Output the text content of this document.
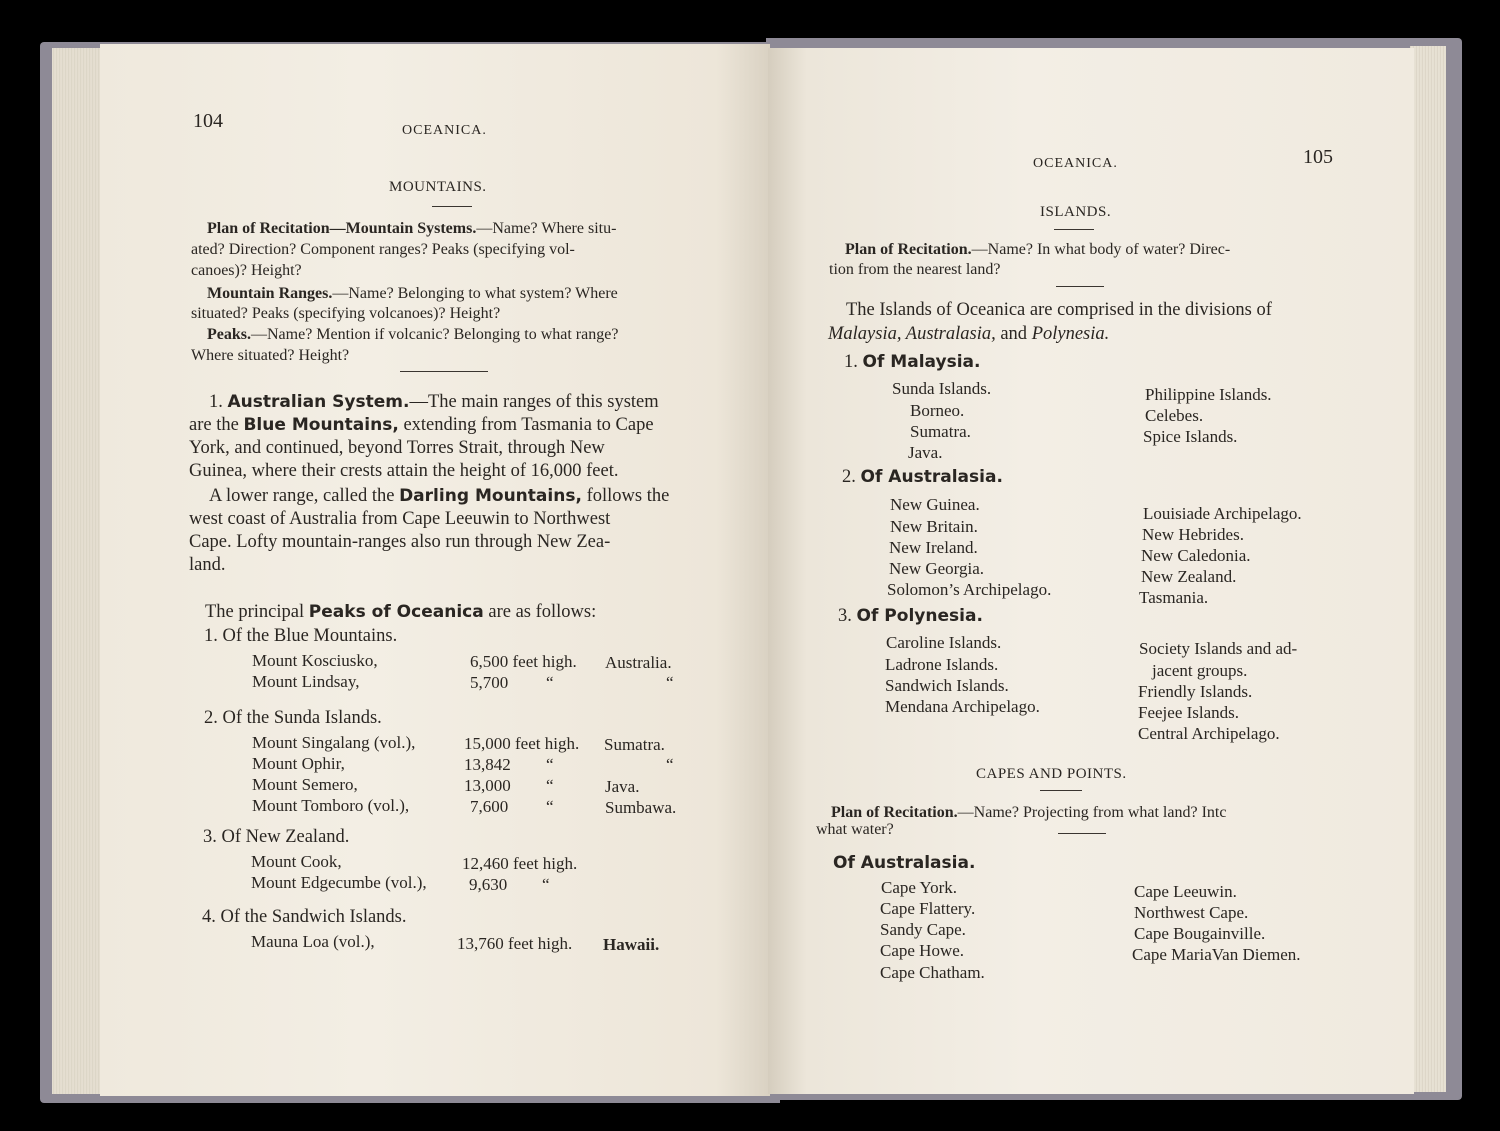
104	OCEANICA.
MOUNTAINS.
Plan of Recitation—Mountain Systems.—Name? Where situ-
ated? Direction? Component ranges? Peaks (specifying vol-
canoes)? Height?
Mountain Ranges.—Name? Belonging to what system? Where
situated? Peaks (specifying volcanoes)? Height?
Peaks.—Name? Mention if volcanic? Belonging to what range?
Where situated? Height?
1. Australian System.—The main ranges of this system
are the Blue Mountains, extending from Tasmania to Cape
York, and continued, beyond Torres Strait, through New
Guinea, where their crests attain the height of 16,000 feet.
A lower range, called the Darling Mountains, follows the
west coast of Australia from Cape Leeuwin to Northwest
Cape. Lofty mountain-ranges also run through New Zea-
land.
The principal Peaks of Oceanica are as follows:
1. Of the Blue Mountains.
Mount Kosciusko,	6,500 feet high. Australia.
Mount Lindsay,	5,700 “	“
2. Of the Sunda Islands.
Mount Singalang (vol.),	15,000 feet high. Sumatra.
Mount Ophir,	13,842 “	“
Mount Semero,	13,000 “	Java.
Mount Tomboro (vol.),	7,600 “	Sumbawa.
3. Of New Zealand.
Mount Cook,	12,460 feet high.
Mount Edgecumbe (vol.), 9,630 “
4. Of the Sandwich Islands.
Mauna Loa (vol.),	13,760 feet high. Hawaii.
OCEANICA.	105
ISLANDS.
Plan of Recitation.—Name? In what body of water? Direc-
tion from the nearest land?
The Islands of Oceanica are comprised in the divisions of
Malaysia, Australasia, and Polynesia.
1. Of Malaysia.
Sunda Islands.
Borneo.
Sumatra.
Java.
Philippine Islands.
Celebes.
Spice Islands.
2. Of Australasia.
New Guinea.
New Britain.
New Ireland.
New Georgia.
Solomon’s Archipelago.
Louisiade Archipelago.
New Hebrides.
New Caledonia.
New Zealand.
Tasmania.
3. Of Polynesia.
Caroline Islands.
Ladrone Islands.
Sandwich Islands.
Mendana Archipelago.
Society Islands and ad-
jacent groups.
Friendly Islands.
Feejee Islands.
Central Archipelago.
CAPES AND POINTS.
Plan of Recitation.—Name? Projecting from what land? Intc
what water?
Of Australasia.
Cape York.
Cape Flattery.
Sandy Cape.
Cape Howe.
Cape Chatham.
Cape Leeuwin.
Northwest Cape.
Cape Bougainville.
Cape MariaVan Diemen.
